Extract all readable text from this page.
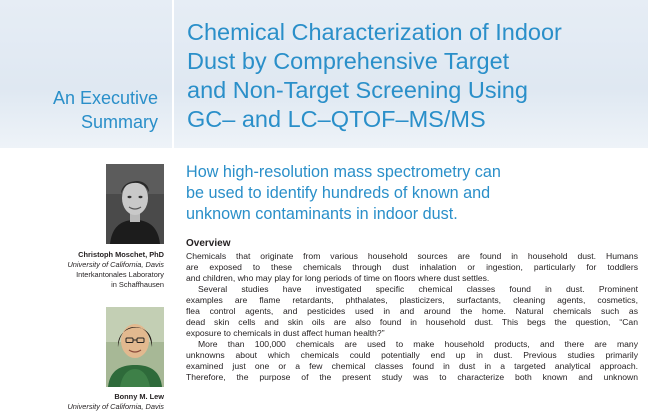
An Executive
Summary
Chemical Characterization of Indoor
Dust by Comprehensive Target
and Non-Target Screening Using
GC– and LC–QTOF–MS/MS
How high-resolution mass spectrometry can
be used to identify hundreds of known and
unknown contaminants in indoor dust.
Christoph Moschet, PhD
University of California, Davis
Interkantonales Laboratory
in Schaffhausen
Bonny M. Lew
University of California, Davis
Overview

Chemicals that originate from various household sources are found in household dust. Humans
are exposed to these chemicals through dust inhalation or ingestion, particularly for toddlers
and children, who may play for long periods of time on floors where dust settles.

Several studies have investigated specific chemical classes found in dust. Prominent
examples are flame retardants, phthalates, plasticizers, surfactants, cleaning agents, cosmetics,
flea control agents, and pesticides used in and around the home. Natural chemicals such as
dead skin cells and skin oils are also found in household dust. This begs the question, “Can
exposure to chemicals in dust affect human health?”

More than 100,000 chemicals are used to make household products, and there are many
unknowns about which chemicals could potentially end up in dust. Previous studies primarily
examined just one or a few chemical classes found in dust in a targeted analytical approach.
Therefore, the purpose of the present study was to characterize both known and unknown
